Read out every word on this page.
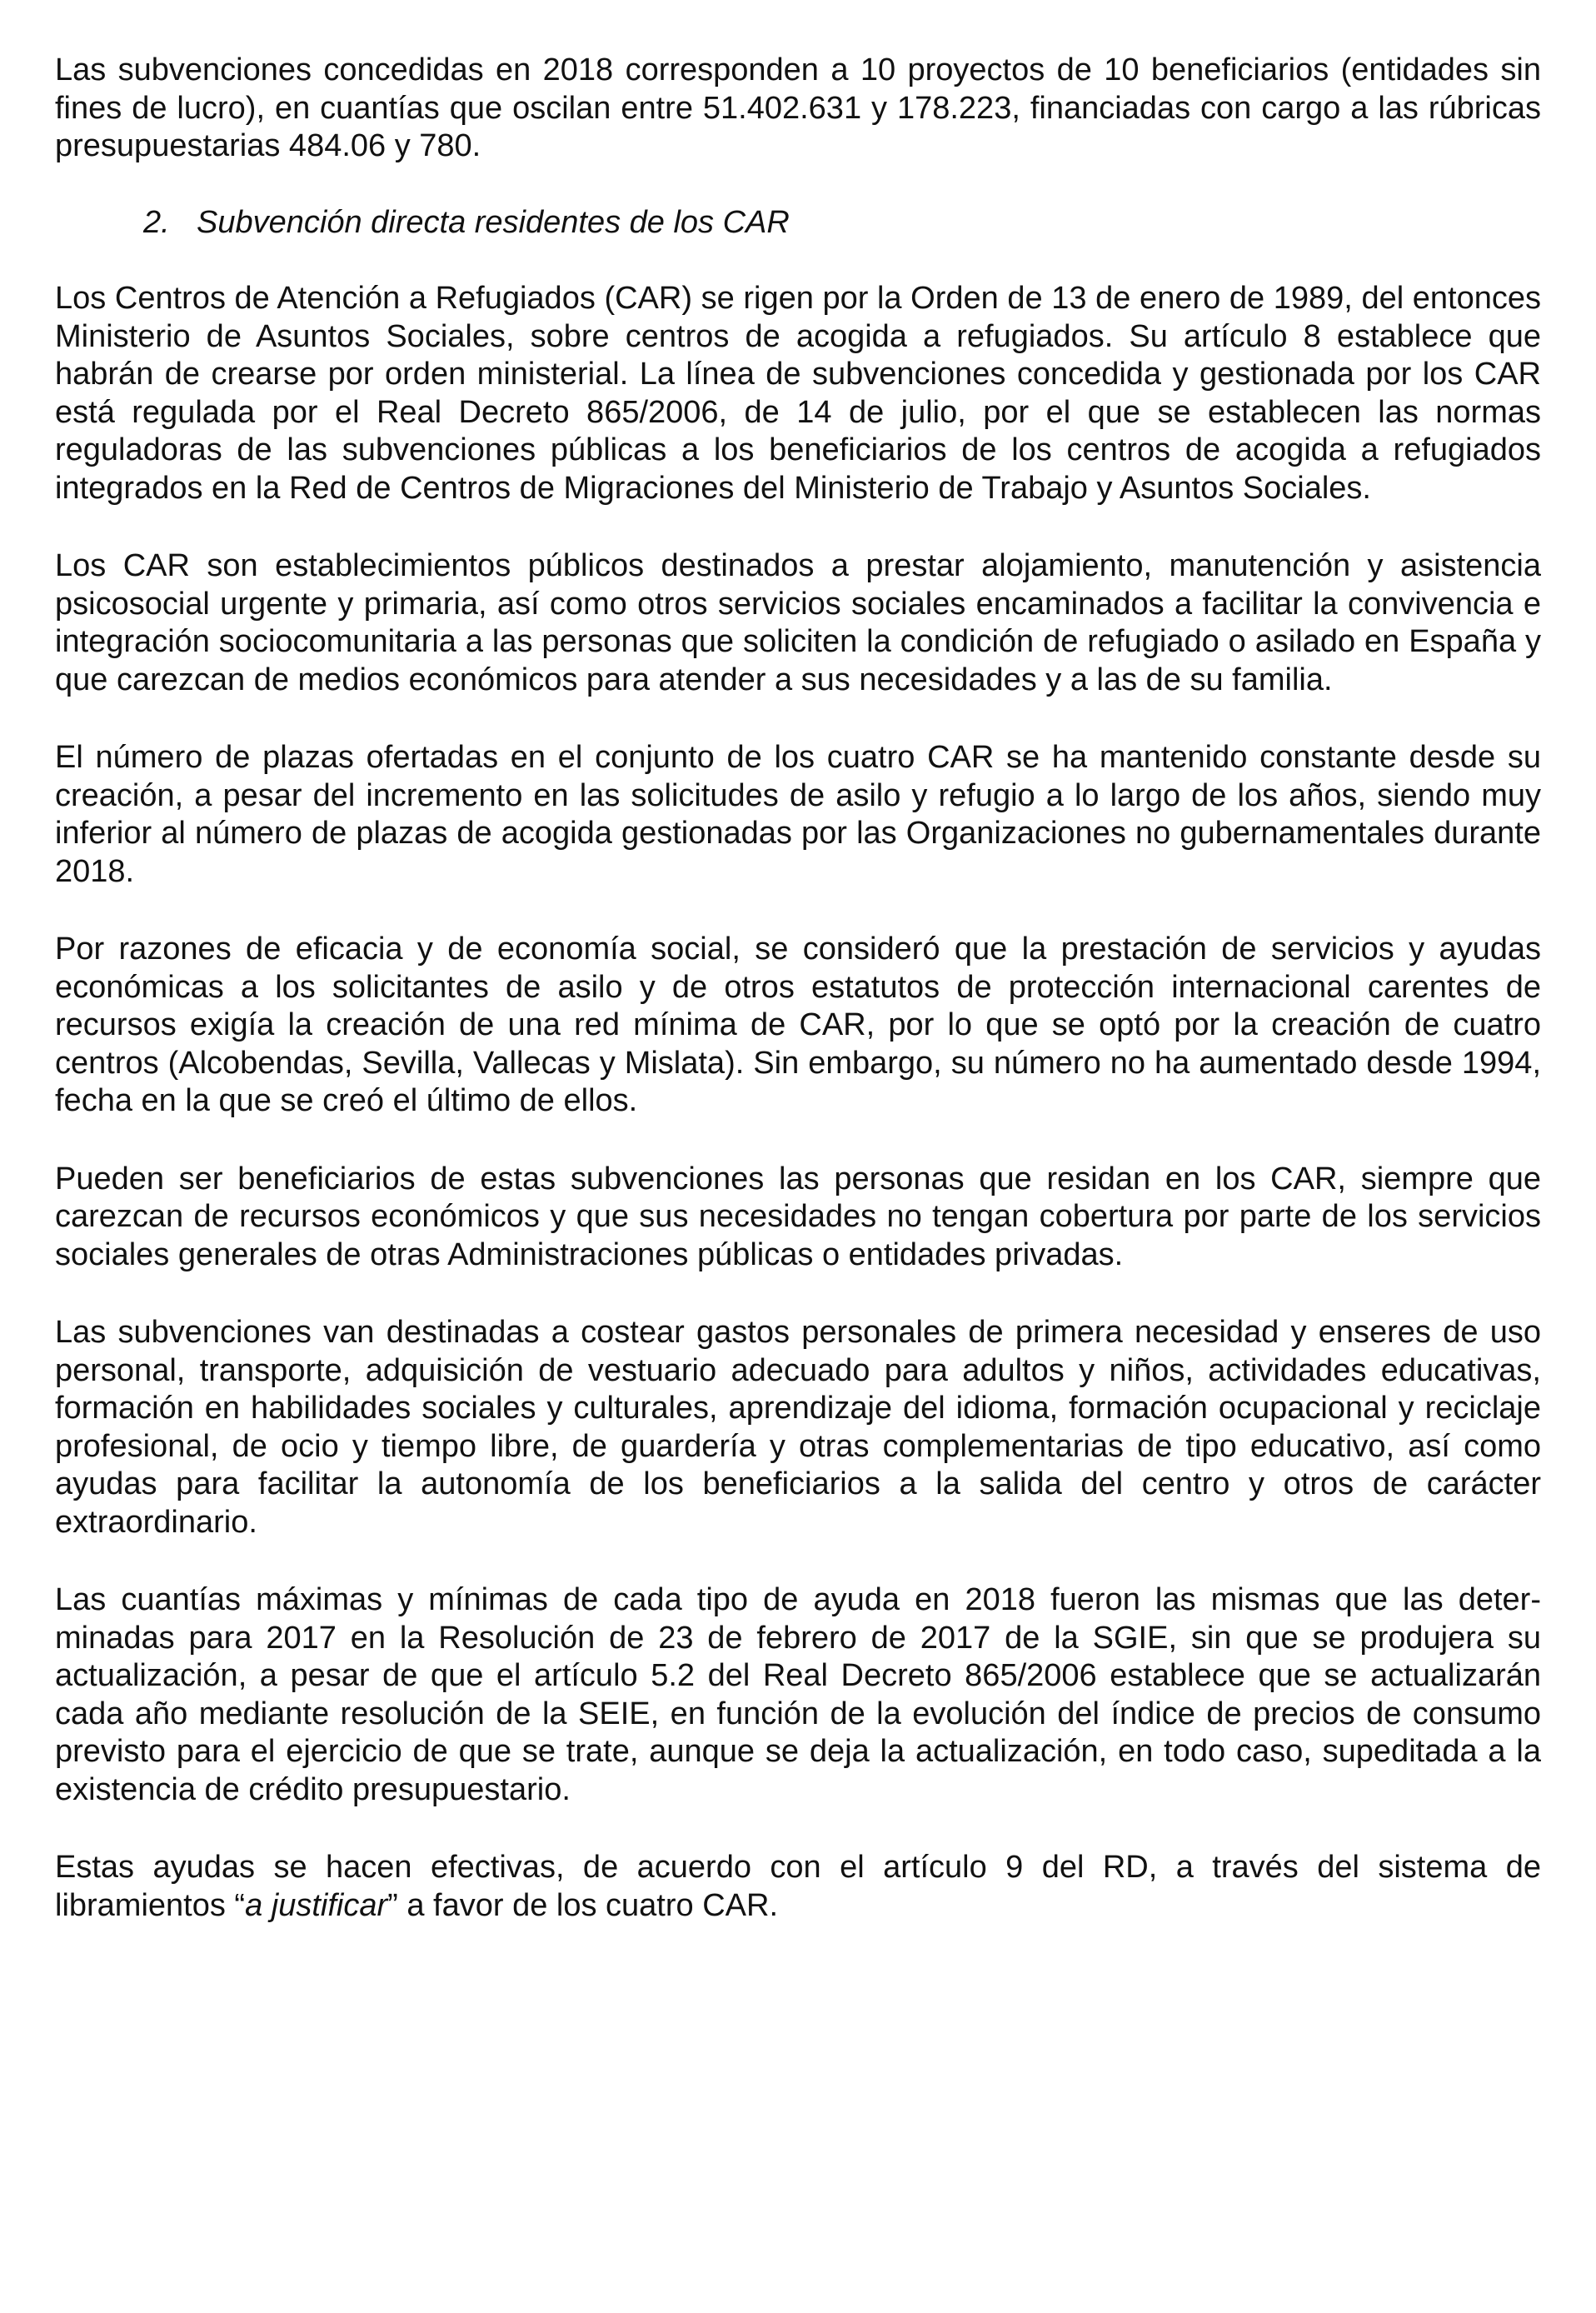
Las subvenciones concedidas en 2018 corresponden a 10 proyectos de 10 beneficiarios (entidades sin fines de lucro), en cuantías que oscilan entre 51.402.631 y 178.223, financiadas con cargo a las rúbricas presupuestarias 484.06 y 780.

2. Subvención directa residentes de los CAR

Los Centros de Atención a Refugiados (CAR) se rigen por la Orden de 13 de enero de 1989, del entonces Ministerio de Asuntos Sociales, sobre centros de acogida a refugiados. Su artículo 8 establece que habrán de crearse por orden ministerial. La línea de subvenciones concedida y gestionada por los CAR está regulada por el Real Decreto 865/2006, de 14 de julio, por el que se establecen las normas reguladoras de las subvenciones públicas a los beneficiarios de los centros de acogida a refugiados integrados en la Red de Centros de Migraciones del Ministerio de Trabajo y Asuntos Sociales.

Los CAR son establecimientos públicos destinados a prestar alojamiento, manutención y asistencia psicosocial urgente y primaria, así como otros servicios sociales encaminados a facilitar la convivencia e integración sociocomunitaria a las personas que soliciten la condición de refugiado o asilado en España y que carezcan de medios económicos para atender a sus necesidades y a las de su familia.

El número de plazas ofertadas en el conjunto de los cuatro CAR se ha mantenido constante desde su creación, a pesar del incremento en las solicitudes de asilo y refugio a lo largo de los años, siendo muy inferior al número de plazas de acogida gestionadas por las Organizaciones no gubernamentales durante 2018.

Por razones de eficacia y de economía social, se consideró que la prestación de servicios y ayudas económicas a los solicitantes de asilo y de otros estatutos de protección internacional carentes de recursos exigía la creación de una red mínima de CAR, por lo que se optó por la creación de cuatro centros (Alcobendas, Sevilla, Vallecas y Mislata). Sin embargo, su número no ha aumentado desde 1994, fecha en la que se creó el último de ellos.

Pueden ser beneficiarios de estas subvenciones las personas que residan en los CAR, siempre que carezcan de recursos económicos y que sus necesidades no tengan cobertura por parte de los servicios sociales generales de otras Administraciones públicas o entidades privadas.

Las subvenciones van destinadas a costear gastos personales de primera necesidad y enseres de uso personal, transporte, adquisición de vestuario adecuado para adultos y niños, actividades educativas, formación en habilidades sociales y culturales, aprendizaje del idioma, formación ocupacional y reciclaje profesional, de ocio y tiempo libre, de guardería y otras complementarias de tipo educativo, así como ayudas para facilitar la autonomía de los beneficiarios a la salida del centro y otros de carácter extraordinario.

Las cuantías máximas y mínimas de cada tipo de ayuda en 2018 fueron las mismas que las determinadas para 2017 en la Resolución de 23 de febrero de 2017 de la SGIE, sin que se produjera su actualización, a pesar de que el artículo 5.2 del Real Decreto 865/2006 establece que se actualizarán cada año mediante resolución de la SEIE, en función de la evolución del índice de precios de consumo previsto para el ejercicio de que se trate, aunque se deja la actualización, en todo caso, supeditada a la existencia de crédito presupuestario.

Estas ayudas se hacen efectivas, de acuerdo con el artículo 9 del RD, a través del sistema de libramientos “a justificar” a favor de los cuatro CAR.
